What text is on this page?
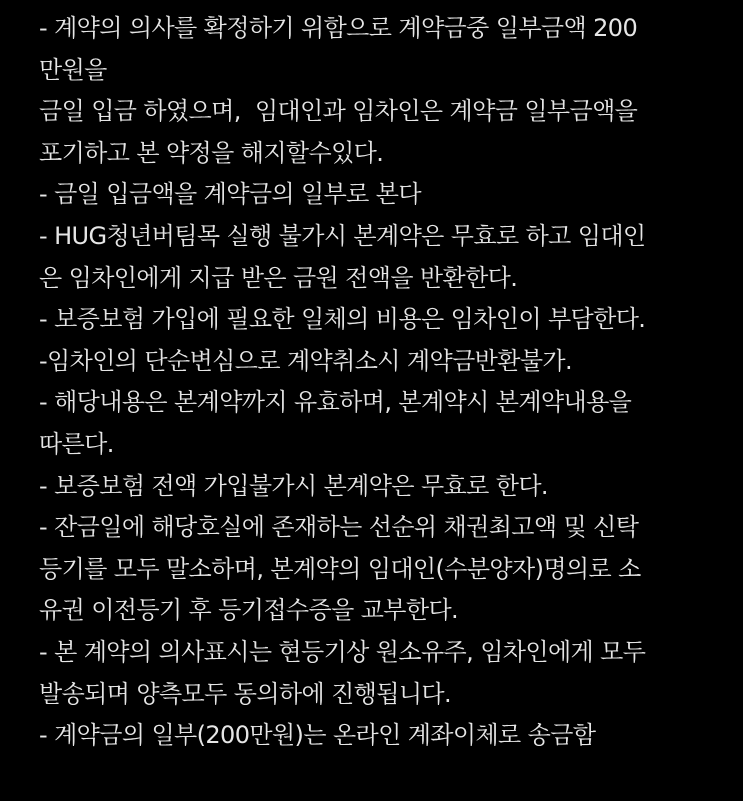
- 계약의 의사를 확정하기 위함으로 계약금중 일부금액 200
만원을
금일 입금 하였으며,  임대인과 임차인은 계약금 일부금액을
포기하고 본 약정을 해지할수있다.
- 금일 입금액을 계약금의 일부로 본다
- HUG청년버팀목 실행 불가시 본계약은 무효로 하고 임대인
은 임차인에게 지급 받은 금원 전액을 반환한다.
- 보증보험 가입에 필요한 일체의 비용은 임차인이 부담한다.
-임차인의 단순변심으로 계약취소시 계약금반환불가.
- 해당내용은 본계약까지 유효하며, 본계약시 본계약내용을
따른다.
- 보증보험 전액 가입불가시 본계약은 무효로 한다.
- 잔금일에 해당호실에 존재하는 선순위 채권최고액 및 신탁
등기를 모두 말소하며, 본계약의 임대인(수분양자)명의로 소
유권 이전등기 후 등기접수증을 교부한다.
- 본 계약의 의사표시는 현등기상 원소유주, 임차인에게 모두
발송되며 양측모두 동의하에 진행됩니다.
- 계약금의 일부(200만원)는 온라인 계좌이체로 송금함
